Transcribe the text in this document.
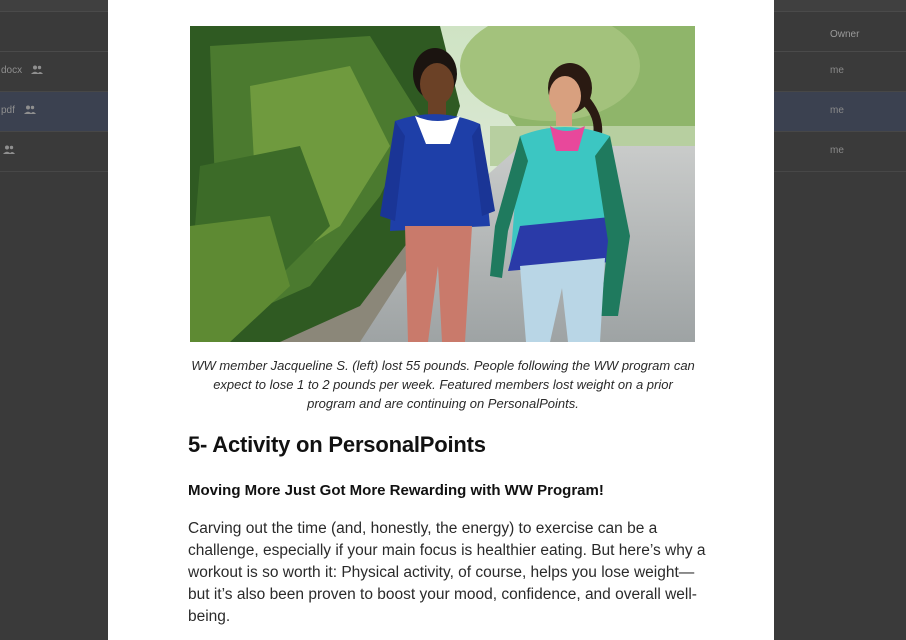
Owner
docx	me
pdf	me
me

WW member Jacqueline S. (left) lost 55 pounds. People following the WW program can expect to lose 1 to 2 pounds per week. Featured members lost weight on a prior program and are continuing on PersonalPoints.

5- Activity on PersonalPoints
Moving More Just Got More Rewarding with WW Program!

Carving out the time (and, honestly, the energy) to exercise can be a challenge, especially if your main focus is healthier eating. But here’s why a workout is so worth it: Physical activity, of course, helps you lose weight—but it’s also been proven to boost your mood, confidence, and overall well-being.
